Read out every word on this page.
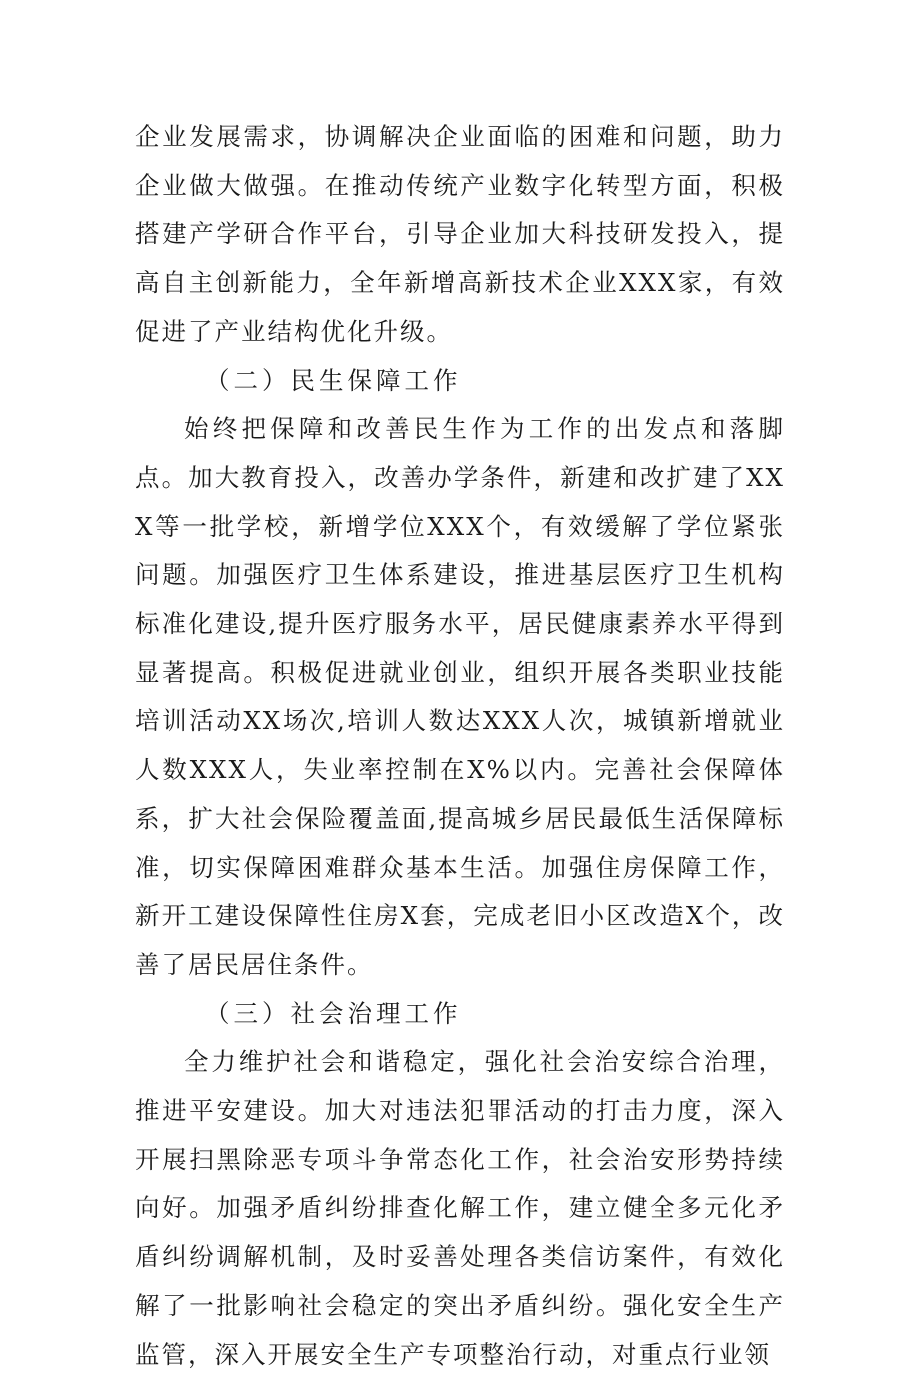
企业发展需求，协调解决企业面临的困难和问题，助力企业做大做强。在推动传统产业数字化转型方面，积极搭建产学研合作平台，引导企业加大科技研发投入，提高自主创新能力，全年新增高新技术企业XXX家，有效促进了产业结构优化升级。

（二）民生保障工作

始终把保障和改善民生作为工作的出发点和落脚点。加大教育投入，改善办学条件，新建和改扩建了XXX等一批学校，新增学位XXX个，有效缓解了学位紧张问题。加强医疗卫生体系建设，推进基层医疗卫生机构标准化建设,提升医疗服务水平，居民健康素养水平得到显著提高。积极促进就业创业，组织开展各类职业技能培训活动XX场次,培训人数达XXX人次，城镇新增就业人数XXX人，失业率控制在X%以内。完善社会保障体系，扩大社会保险覆盖面,提高城乡居民最低生活保障标准，切实保障困难群众基本生活。加强住房保障工作，新开工建设保障性住房X套，完成老旧小区改造X个，改善了居民居住条件。

（三）社会治理工作

全力维护社会和谐稳定，强化社会治安综合治理，推进平安建设。加大对违法犯罪活动的打击力度，深入开展扫黑除恶专项斗争常态化工作，社会治安形势持续向好。加强矛盾纠纷排查化解工作，建立健全多元化矛盾纠纷调解机制，及时妥善处理各类信访案件，有效化解了一批影响社会稳定的突出矛盾纠纷。强化安全生产监管，深入开展安全生产专项整治行动，对重点行业领
